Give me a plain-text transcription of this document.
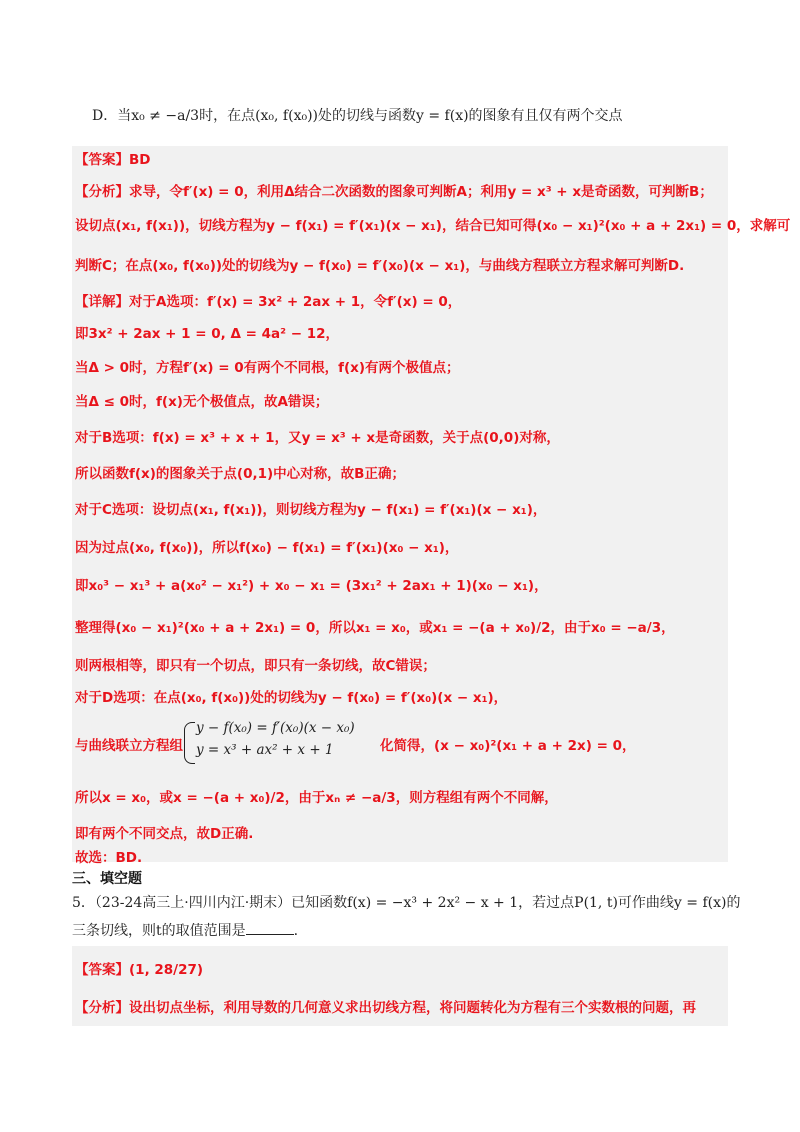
D．当x₀ ≠ −a/3时，在点(x₀, f(x₀))处的切线与函数y = f(x)的图象有且仅有两个交点
【答案】BD
【分析】求导，令f′(x) = 0，利用Δ结合二次函数的图象可判断A；利用y = x³ + x是奇函数，可判断B；
设切点(x₁, f(x₁))，切线方程为y − f(x₁) = f′(x₁)(x − x₁)，结合已知可得(x₀ − x₁)²(x₀ + a + 2x₁) = 0，求解可
判断C；在点(x₀, f(x₀))处的切线为y − f(x₀) = f′(x₀)(x − x₁)，与曲线方程联立方程求解可判断D.
【详解】对于A选项：f′(x) = 3x² + 2ax + 1，令f′(x) = 0，
即3x² + 2ax + 1 = 0, Δ = 4a² − 12，
当Δ > 0时，方程f′(x) = 0有两个不同根，f(x)有两个极值点；
当Δ ≤ 0时，f(x)无个极值点，故A错误；
对于B选项：f(x) = x³ + x + 1，又y = x³ + x是奇函数，关于点(0,0)对称，
所以函数f(x)的图象关于点(0,1)中心对称，故B正确；
对于C选项：设切点(x₁, f(x₁))，则切线方程为y − f(x₁) = f′(x₁)(x − x₁)，
因为过点(x₀, f(x₀))，所以f(x₀) − f(x₁) = f′(x₁)(x₀ − x₁)，
即x₀³ − x₁³ + a(x₀² − x₁²) + x₀ − x₁ = (3x₁² + 2ax₁ + 1)(x₀ − x₁)，
整理得(x₀ − x₁)²(x₀ + a + 2x₁) = 0，所以x₁ = x₀，或x₁ = −(a + x₀)/2，由于x₀ = −a/3，
则两根相等，即只有一个切点，即只有一条切线，故C错误；
对于D选项：在点(x₀, f(x₀))处的切线为y − f(x₀) = f′(x₀)(x − x₁)，
y − f(x₀) = f′(x₀)(x − x₀)
与曲线联立方程组 y = x³ + ax² + x + 1	化简得，(x − x₀)²(x₁ + a + 2x) = 0，
所以x = x₀，或x = −(a + x₀)/2，由于xₙ ≠ −a/3，则方程组有两个不同解，
即有两个不同交点，故D正确.
故选：BD.
三、填空题
5．（23-24高三上·四川内江·期末）已知函数f(x) = −x³ + 2x² − x + 1，若过点P(1, t)可作曲线y = f(x)的
三条切线，则t的取值范围是	.
【答案】(1, 28/27)
【分析】设出切点坐标，利用导数的几何意义求出切线方程，将问题转化为方程有三个实数根的问题，再
